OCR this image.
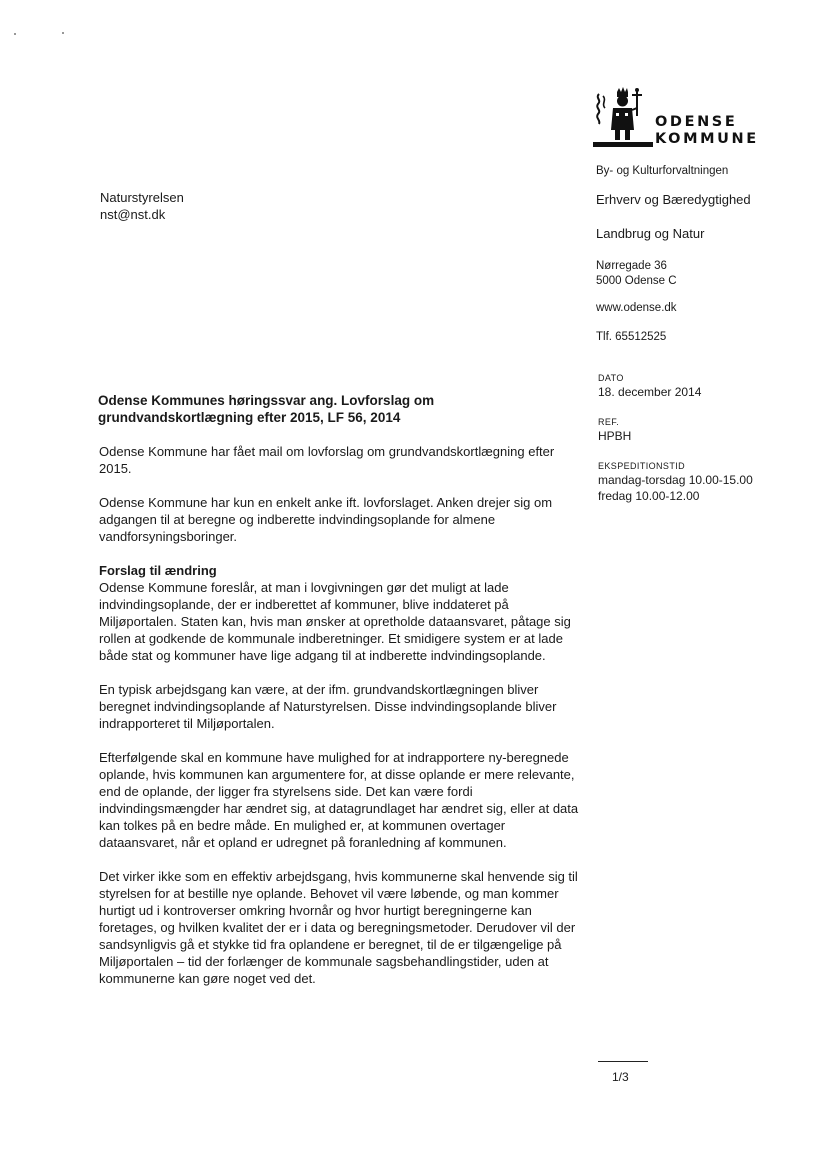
ODENSE
KOMMUNE
Naturstyrelsen
nst@nst.dk
By- og Kulturforvaltningen
Erhverv og Bæredygtighed
Landbrug og Natur
Nørregade 36
5000 Odense C
www.odense.dk
Tlf. 65512525
DATO
18. december 2014
REF.
HPBH
EKSPEDITIONSTID
mandag-torsdag 10.00-15.00
fredag 10.00-12.00
Odense Kommunes høringssvar ang. Lovforslag om
grundvandskortlægning efter 2015, LF 56, 2014

Odense Kommune har fået mail om lovforslag om grundvandskortlægning efter 2015.

Odense Kommune har kun en enkelt anke ift. lovforslaget. Anken drejer sig om adgangen til at beregne og indberette indvindingsoplande for almene vandforsyningsboringer.

Forslag til ændring

Odense Kommune foreslår, at man i lovgivningen gør det muligt at lade indvindingsoplande, der er indberettet af kommuner, blive inddateret på Miljøportalen. Staten kan, hvis man ønsker at opretholde dataansvaret, påtage sig rollen at godkende de kommunale indberetninger. Et smidigere system er at lade både stat og kommuner have lige adgang til at indberette indvindingsoplande.

En typisk arbejdsgang kan være, at der ifm. grundvandskortlægningen bliver beregnet indvindingsoplande af Naturstyrelsen. Disse indvindingsoplande bliver indrapporteret til Miljøportalen.

Efterfølgende skal en kommune have mulighed for at indrapportere ny-beregnede oplande, hvis kommunen kan argumentere for, at disse oplande er mere relevante, end de oplande, der ligger fra styrelsens side. Det kan være fordi indvindingsmængder har ændret sig, at datagrundlaget har ændret sig, eller at data kan tolkes på en bedre måde. En mulighed er, at kommunen overtager dataansvaret, når et opland er udregnet på foranledning af kommunen.

Det virker ikke som en effektiv arbejdsgang, hvis kommunerne skal henvende sig til styrelsen for at bestille nye oplande. Behovet vil være løbende, og man kommer hurtigt ud i kontroverser omkring hvornår og hvor hurtigt beregningerne kan foretages, og hvilken kvalitet der er i data og beregningsmetoder. Derudover vil der sandsynligvis gå et stykke tid fra oplandene er beregnet, til de er tilgængelige på Miljøportalen – tid der forlænger de kommunale sagsbehandlingstider, uden at kommunerne kan gøre noget ved det.

1/3
